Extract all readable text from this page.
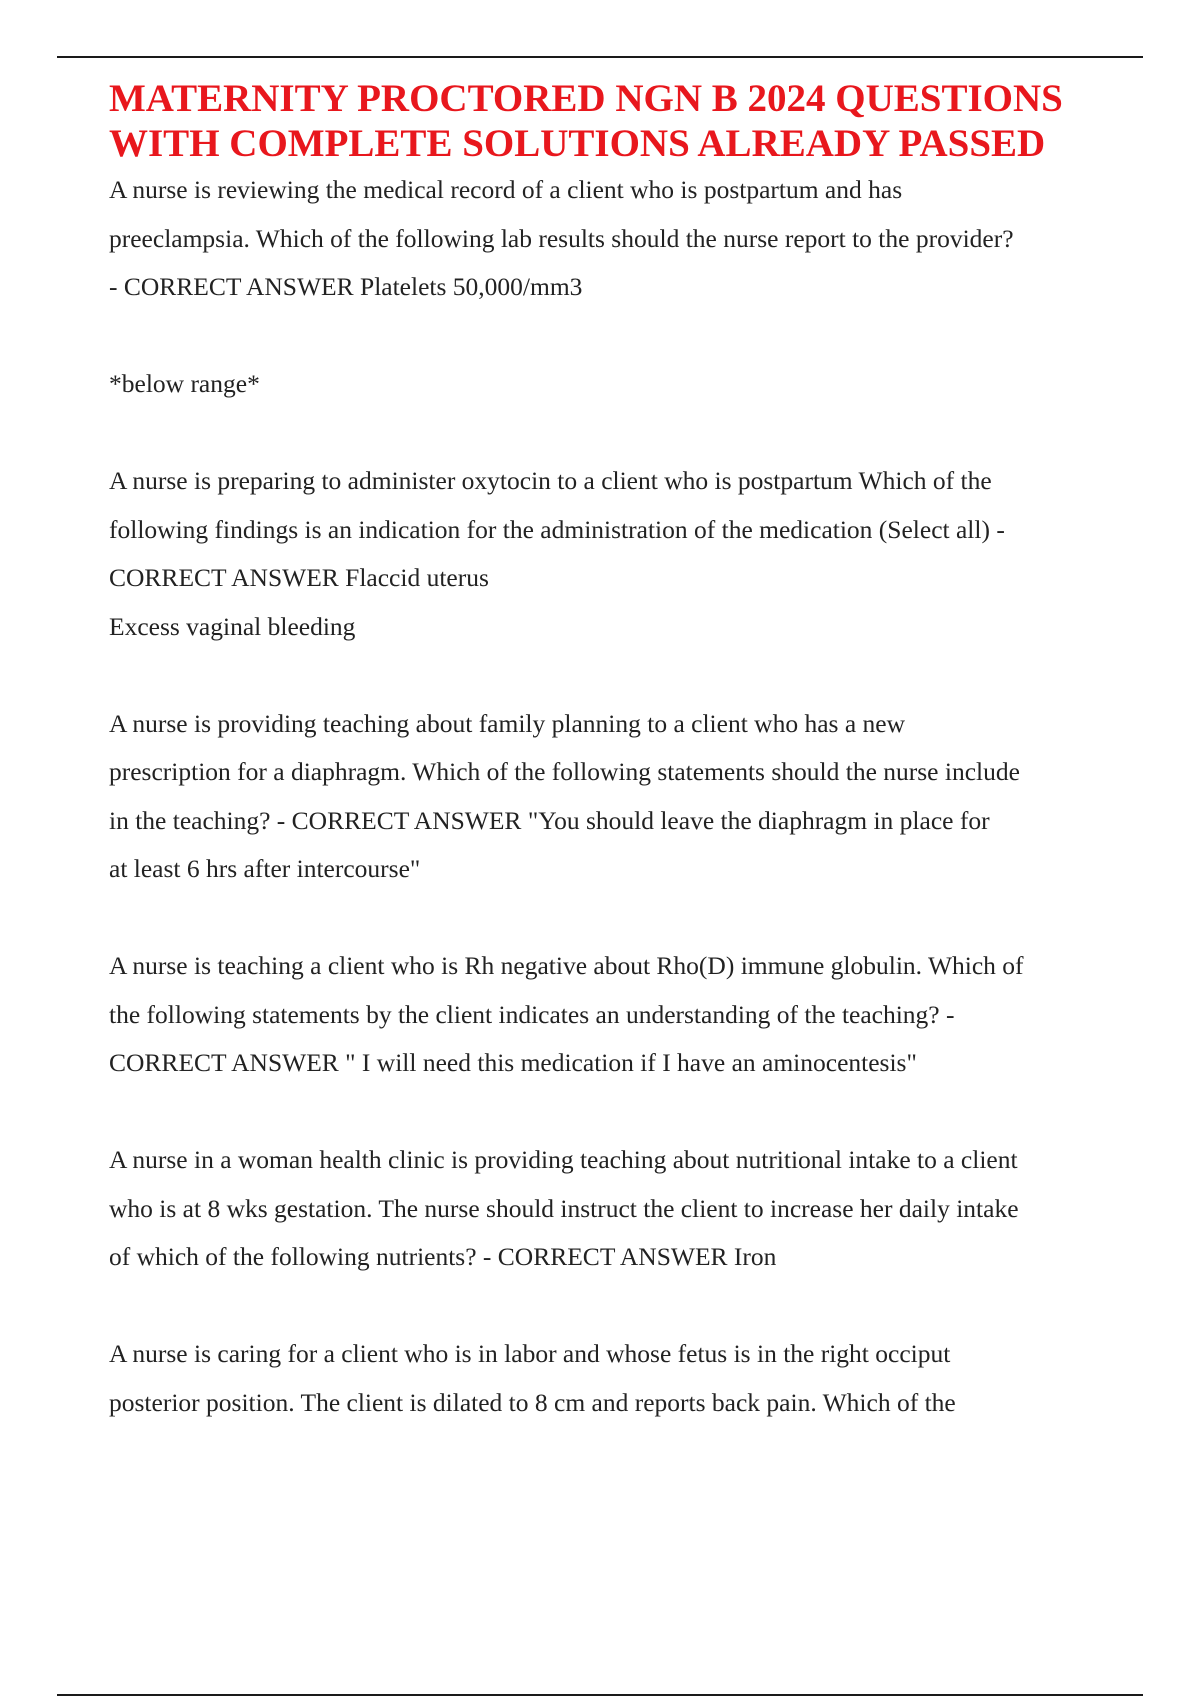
MATERNITY PROCTORED NGN B 2024 QUESTIONS
WITH COMPLETE SOLUTIONS ALREADY PASSED
A nurse is reviewing the medical record of a client who is postpartum and has
preeclampsia. Which of the following lab results should the nurse report to the provider?
- CORRECT ANSWER Platelets 50,000/mm3
*below range*
A nurse is preparing to administer oxytocin to a client who is postpartum Which of the
following findings is an indication for the administration of the medication (Select all) -
CORRECT ANSWER Flaccid uterus
Excess vaginal bleeding
A nurse is providing teaching about family planning to a client who has a new
prescription for a diaphragm. Which of the following statements should the nurse include
in the teaching? - CORRECT ANSWER "You should leave the diaphragm in place for
at least 6 hrs after intercourse"
A nurse is teaching a client who is Rh negative about Rho(D) immune globulin. Which of
the following statements by the client indicates an understanding of the teaching? -
CORRECT ANSWER " I will need this medication if I have an aminocentesis"
A nurse in a woman health clinic is providing teaching about nutritional intake to a client
who is at 8 wks gestation. The nurse should instruct the client to increase her daily intake
of which of the following nutrients? - CORRECT ANSWER Iron
A nurse is caring for a client who is in labor and whose fetus is in the right occiput
posterior position. The client is dilated to 8 cm and reports back pain. Which of the
